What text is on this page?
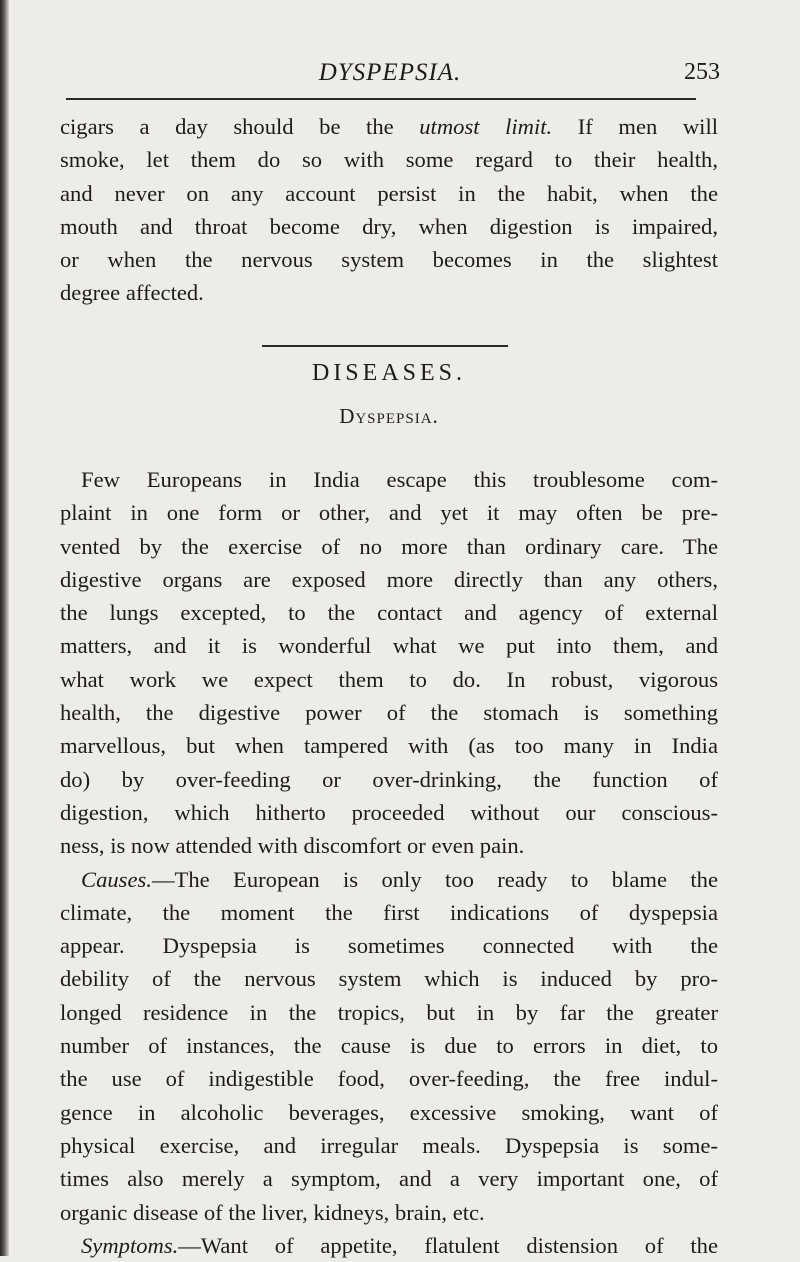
DYSPEPSIA.	253
cigars a day should be the utmost limit. If men will
smoke, let them do so with some regard to their health,
and never on any account persist in the habit, when the
mouth and throat become dry, when digestion is impaired,
or when the nervous system becomes in the slightest
degree affected.
DISEASES.
Dyspepsia.
Few Europeans in India escape this troublesome com-
plaint in one form or other, and yet it may often be pre-
vented by the exercise of no more than ordinary care. The
digestive organs are exposed more directly than any others,
the lungs excepted, to the contact and agency of external
matters, and it is wonderful what we put into them, and
what work we expect them to do. In robust, vigorous
health, the digestive power of the stomach is something
marvellous, but when tampered with (as too many in India
do) by over-feeding or over-drinking, the function of
digestion, which hitherto proceeded without our conscious-
ness, is now attended with discomfort or even pain.
Causes.—The European is only too ready to blame the
climate, the moment the first indications of dyspepsia
appear. Dyspepsia is sometimes connected with the
debility of the nervous system which is induced by pro-
longed residence in the tropics, but in by far the greater
number of instances, the cause is due to errors in diet, to
the use of indigestible food, over-feeding, the free indul-
gence in alcoholic beverages, excessive smoking, want of
physical exercise, and irregular meals. Dyspepsia is some-
times also merely a symptom, and a very important one, of
organic disease of the liver, kidneys, brain, etc.
Symptoms.—Want of appetite, flatulent distension of the
